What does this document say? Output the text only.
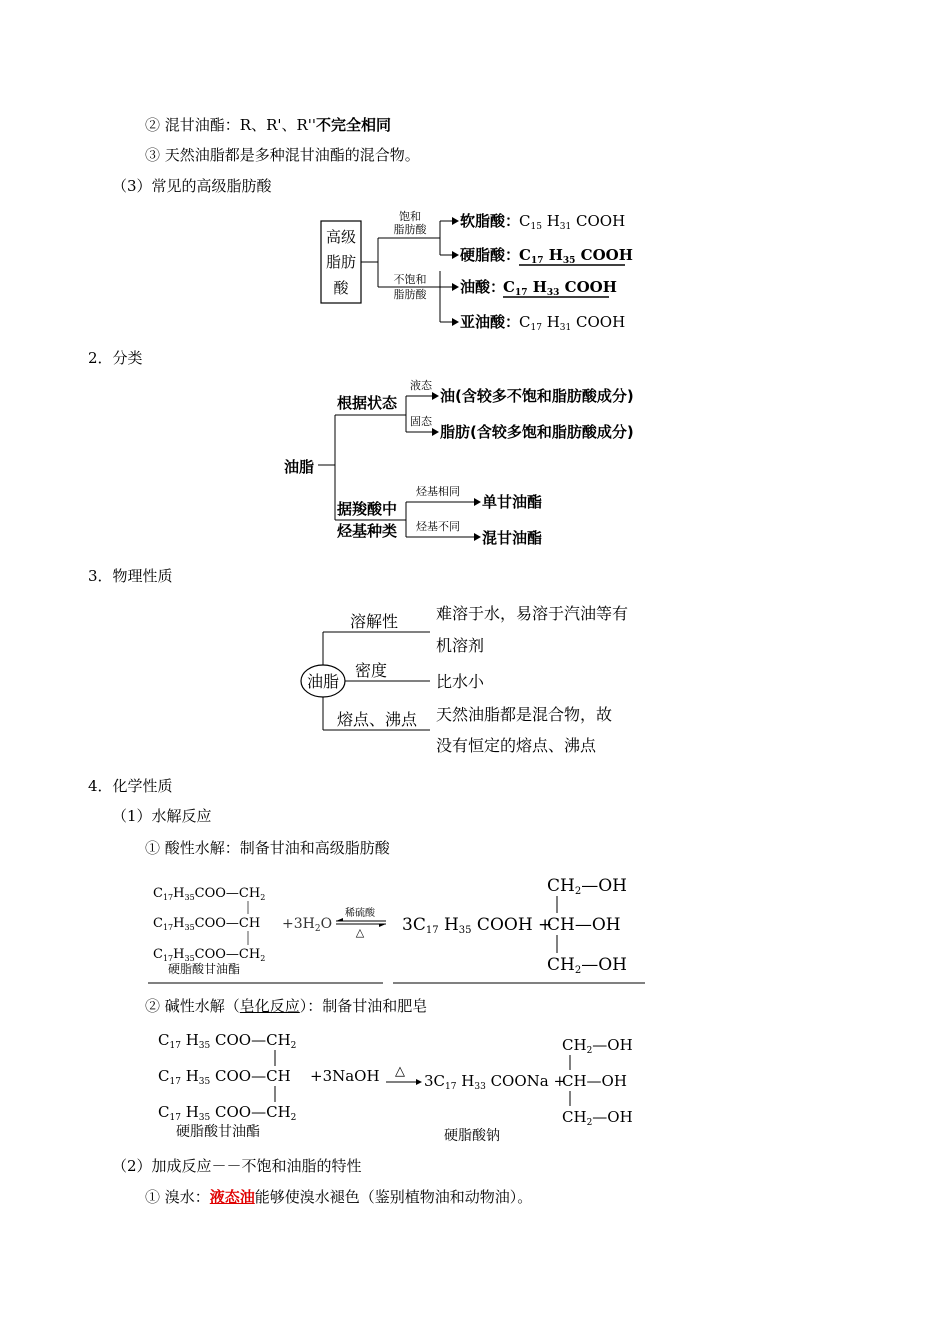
② 混甘油酯：R、R'、R''不完全相同
③ 天然油脂都是多种混甘油酯的混合物。
（3）常见的高级脂肪酸
高级
脂肪
酸
饱和
脂肪酸
不饱和
脂肪酸
软脂酸：
$C_{15}$ $H_{31}$ COOH
硬脂酸：
$C_{17}$ $H_{35}$ COOH
油酸：
$C_{17}$ $H_{33}$ COOH
亚油酸：
$C_{17}$ $H_{31}$ COOH
2．分类
油脂
根据状态
据羧酸中
烃基种类
液态
固态
油(含较多不饱和脂肪酸成分)
脂肪(含较多饱和脂肪酸成分)
烃基相同
烃基不同
单甘油酯
混甘油酯
3．物理性质
油脂
溶解性
密度
熔点、沸点
难溶于水，易溶于汽油等有
机溶剂
比水小
天然油脂都是混合物，故
没有恒定的熔点、沸点
4．化学性质
（1）水解反应
① 酸性水解：制备甘油和高级脂肪酸
$C_{17}H_{35}COO—CH_2$
$C_{17}H_{35}COO—CH$
$C_{17}H_{35}COO—CH_2$
硬脂酸甘油酯
$+3H_2O$
稀硫酸
△ 3C17 H35 COOH +
CH2—OH
CH—OH
CH2—OH
② 碱性水解（皂化反应）：制备甘油和肥皂
$C_{17}$ $H_{35}$ $COO—CH_2$
$C_{17}$ $H_{35}$ COO—CH
$C_{17}$ $H_{35}$ $COO—CH_2$
硬脂酸甘油酯
+3NaOH △
$3C_{17}$ $H_{33}$ COONa +
硬脂酸钠
$CH_2—OH$
CH—OH
$CH_2—OH$
（2）加成反应－－不饱和油脂的特性
① 溴水：液态油能够使溴水褪色（鉴别植物油和动物油）。
